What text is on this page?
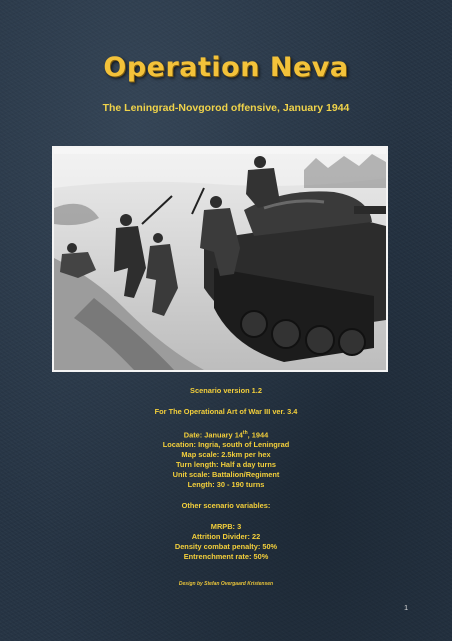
Operation Neva
The Leningrad-Novgorod offensive, January 1944
Scenario version 1.2
For The Operational Art of War III ver. 3.4
Date: January 14th, 1944
Location: Ingria, south of Leningrad
Map scale: 2.5km per hex
Turn length: Half a day turns
Unit scale: Battalion/Regiment
Length: 30 - 190 turns
Other scenario variables:
MRPB: 3
Attrition Divider: 22
Density combat penalty: 50%
Entrenchment rate: 50%
Design by Stefan Overgaard Kristensen
1
